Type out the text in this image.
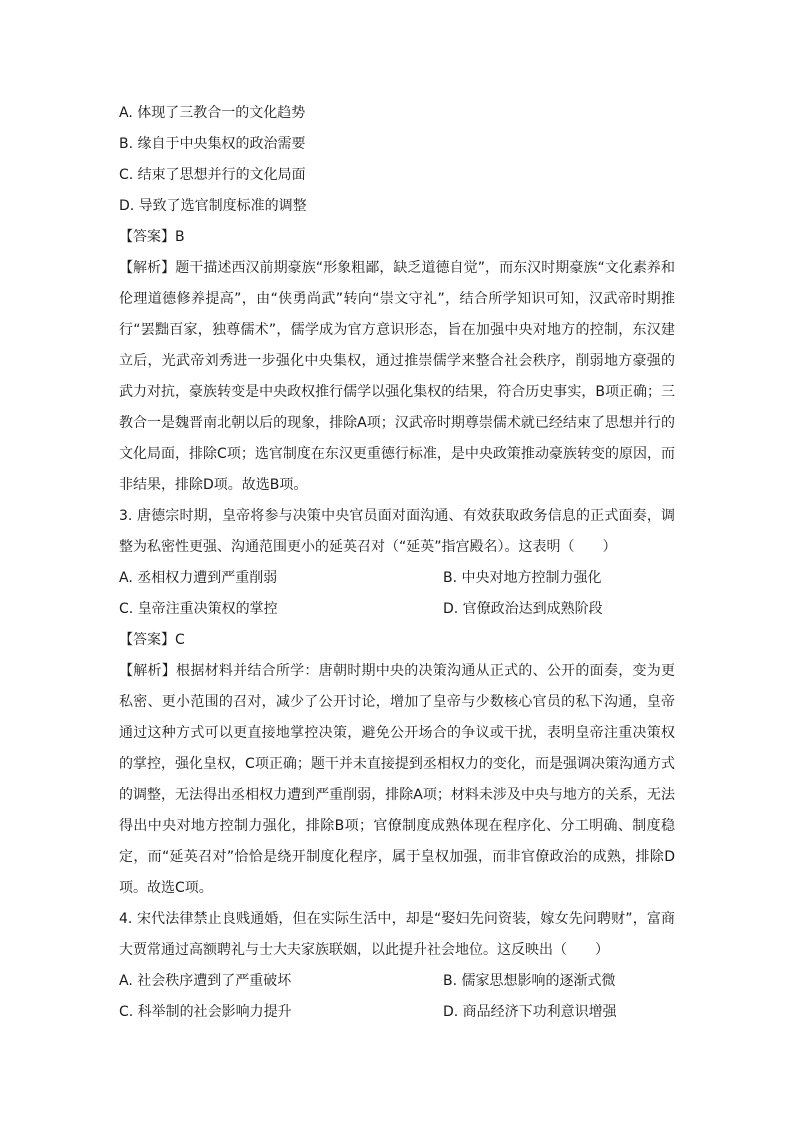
A. 体现了三教合一的文化趋势
B. 缘自于中央集权的政治需要
C. 结束了思想并行的文化局面
D. 导致了选官制度标准的调整
【答案】B
【解析】题干描述西汉前期豪族“形象粗鄙，缺乏道德自觉”，而东汉时期豪族“文化素养和伦理道德修养提高”，由“侠勇尚武”转向“崇文守礼”，结合所学知识可知，汉武帝时期推行“罢黜百家，独尊儒术”，儒学成为官方意识形态，旨在加强中央对地方的控制，东汉建立后，光武帝刘秀进一步强化中央集权，通过推崇儒学来整合社会秩序，削弱地方豪强的武力对抗，豪族转变是中央政权推行儒学以强化集权的结果，符合历史事实，B项正确；三教合一是魏晋南北朝以后的现象，排除A项；汉武帝时期尊崇儒术就已经结束了思想并行的文化局面，排除C项；选官制度在东汉更重德行标准，是中央政策推动豪族转变的原因，而非结果，排除D项。故选B项。
3. 唐德宗时期，皇帝将参与决策中央官员面对面沟通、有效获取政务信息的正式面奏，调整为私密性更强、沟通范围更小的延英召对（“延英”指宫殿名）。这表明（　　）
A. 丞相权力遭到严重削弱	B. 中央对地方控制力强化
C. 皇帝注重决策权的掌控	D. 官僚政治达到成熟阶段
【答案】C
【解析】根据材料并结合所学：唐朝时期中央的决策沟通从正式的、公开的面奏，变为更私密、更小范围的召对，减少了公开讨论，增加了皇帝与少数核心官员的私下沟通，皇帝通过这种方式可以更直接地掌控决策，避免公开场合的争议或干扰，表明皇帝注重决策权的掌控，强化皇权，C项正确；题干并未直接提到丞相权力的变化，而是强调决策沟通方式的调整，无法得出丞相权力遭到严重削弱，排除A项；材料未涉及中央与地方的关系，无法得出中央对地方控制力强化，排除B项；官僚制度成熟体现在程序化、分工明确、制度稳定，而“延英召对”恰恰是绕开制度化程序，属于皇权加强，而非官僚政治的成熟，排除D项。故选C项。
4. 宋代法律禁止良贱通婚，但在实际生活中，却是“娶妇先问资装，嫁女先问聘财”，富商大贾常通过高额聘礼与士大夫家族联姻，以此提升社会地位。这反映出（　　）
A. 社会秩序遭到了严重破坏	B. 儒家思想影响的逐渐式微
C. 科举制的社会影响力提升	D. 商品经济下功利意识增强
